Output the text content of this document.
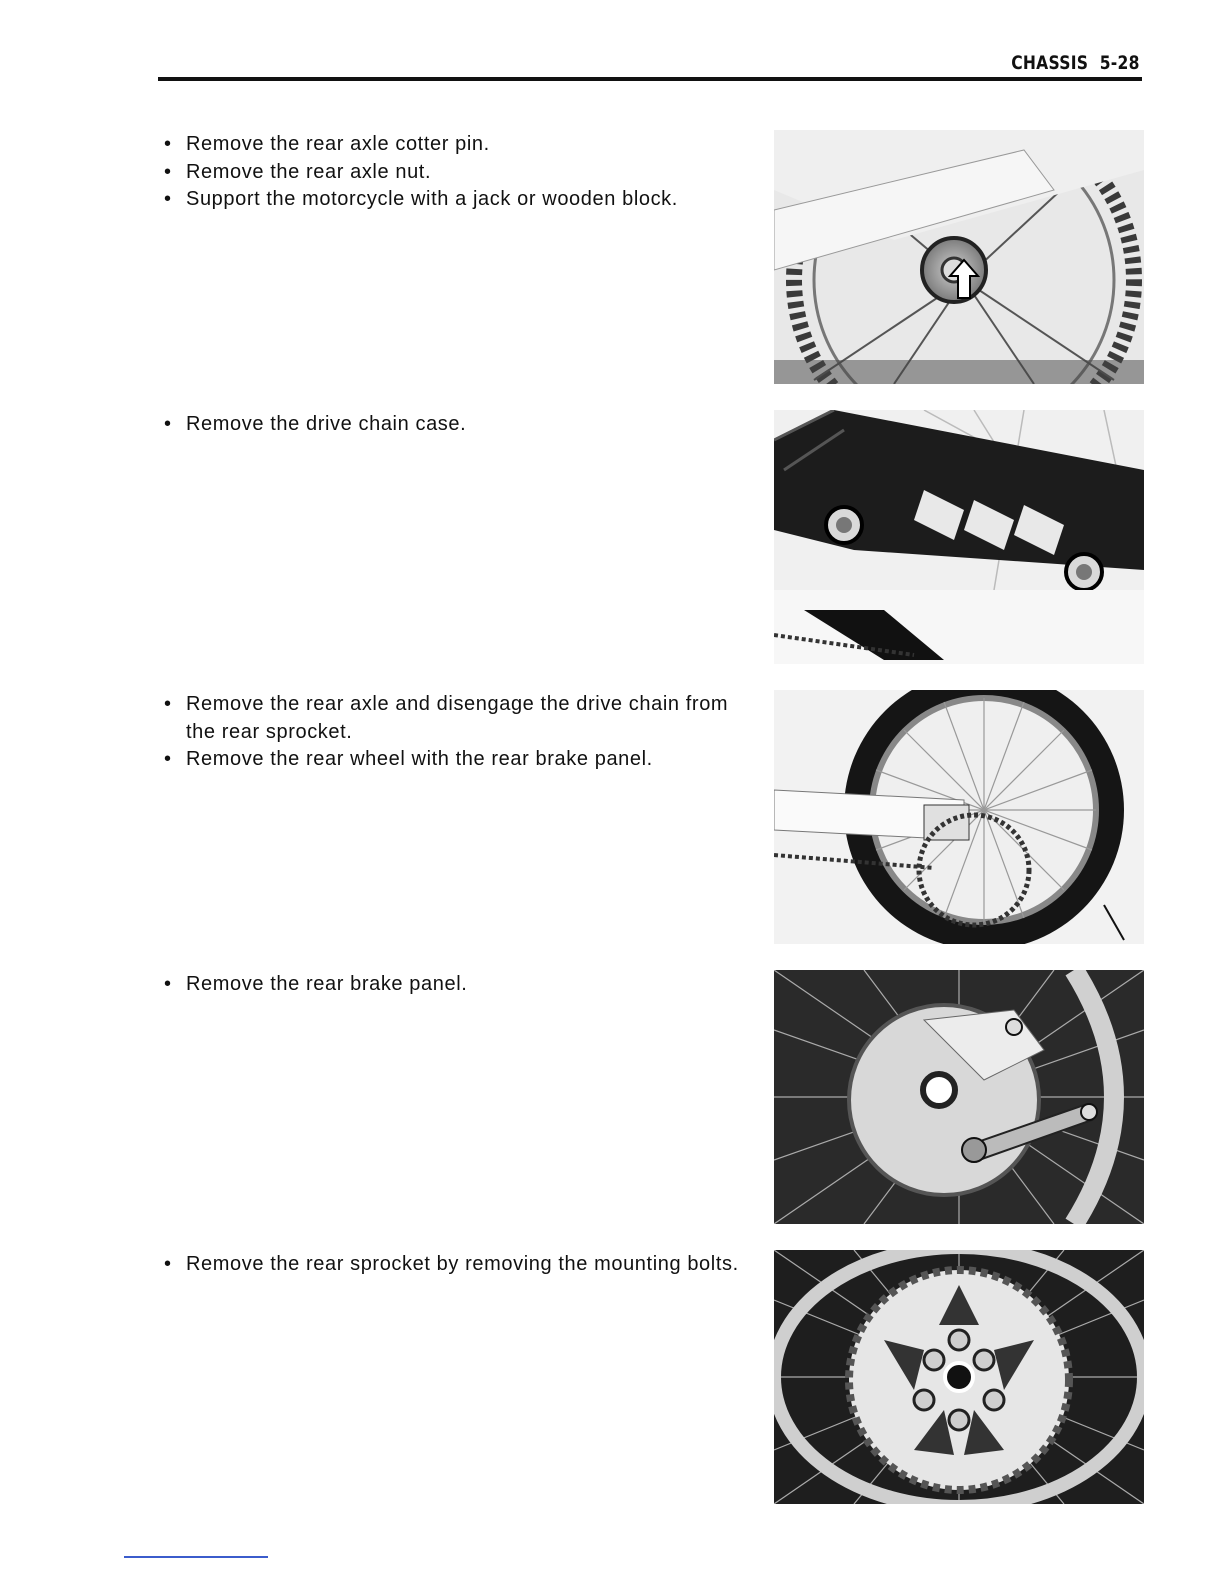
CHASSIS 5-28
• Remove the rear axle cotter pin.
• Remove the rear axle nut.
• Support the motorcycle with a jack or wooden block.
• Remove the drive chain case.
• Remove the rear axle and disengage the drive chain from the rear sprocket.
• Remove the rear wheel with the rear brake panel.
• Remove the rear brake panel.
• Remove the rear sprocket by removing the mounting bolts.
